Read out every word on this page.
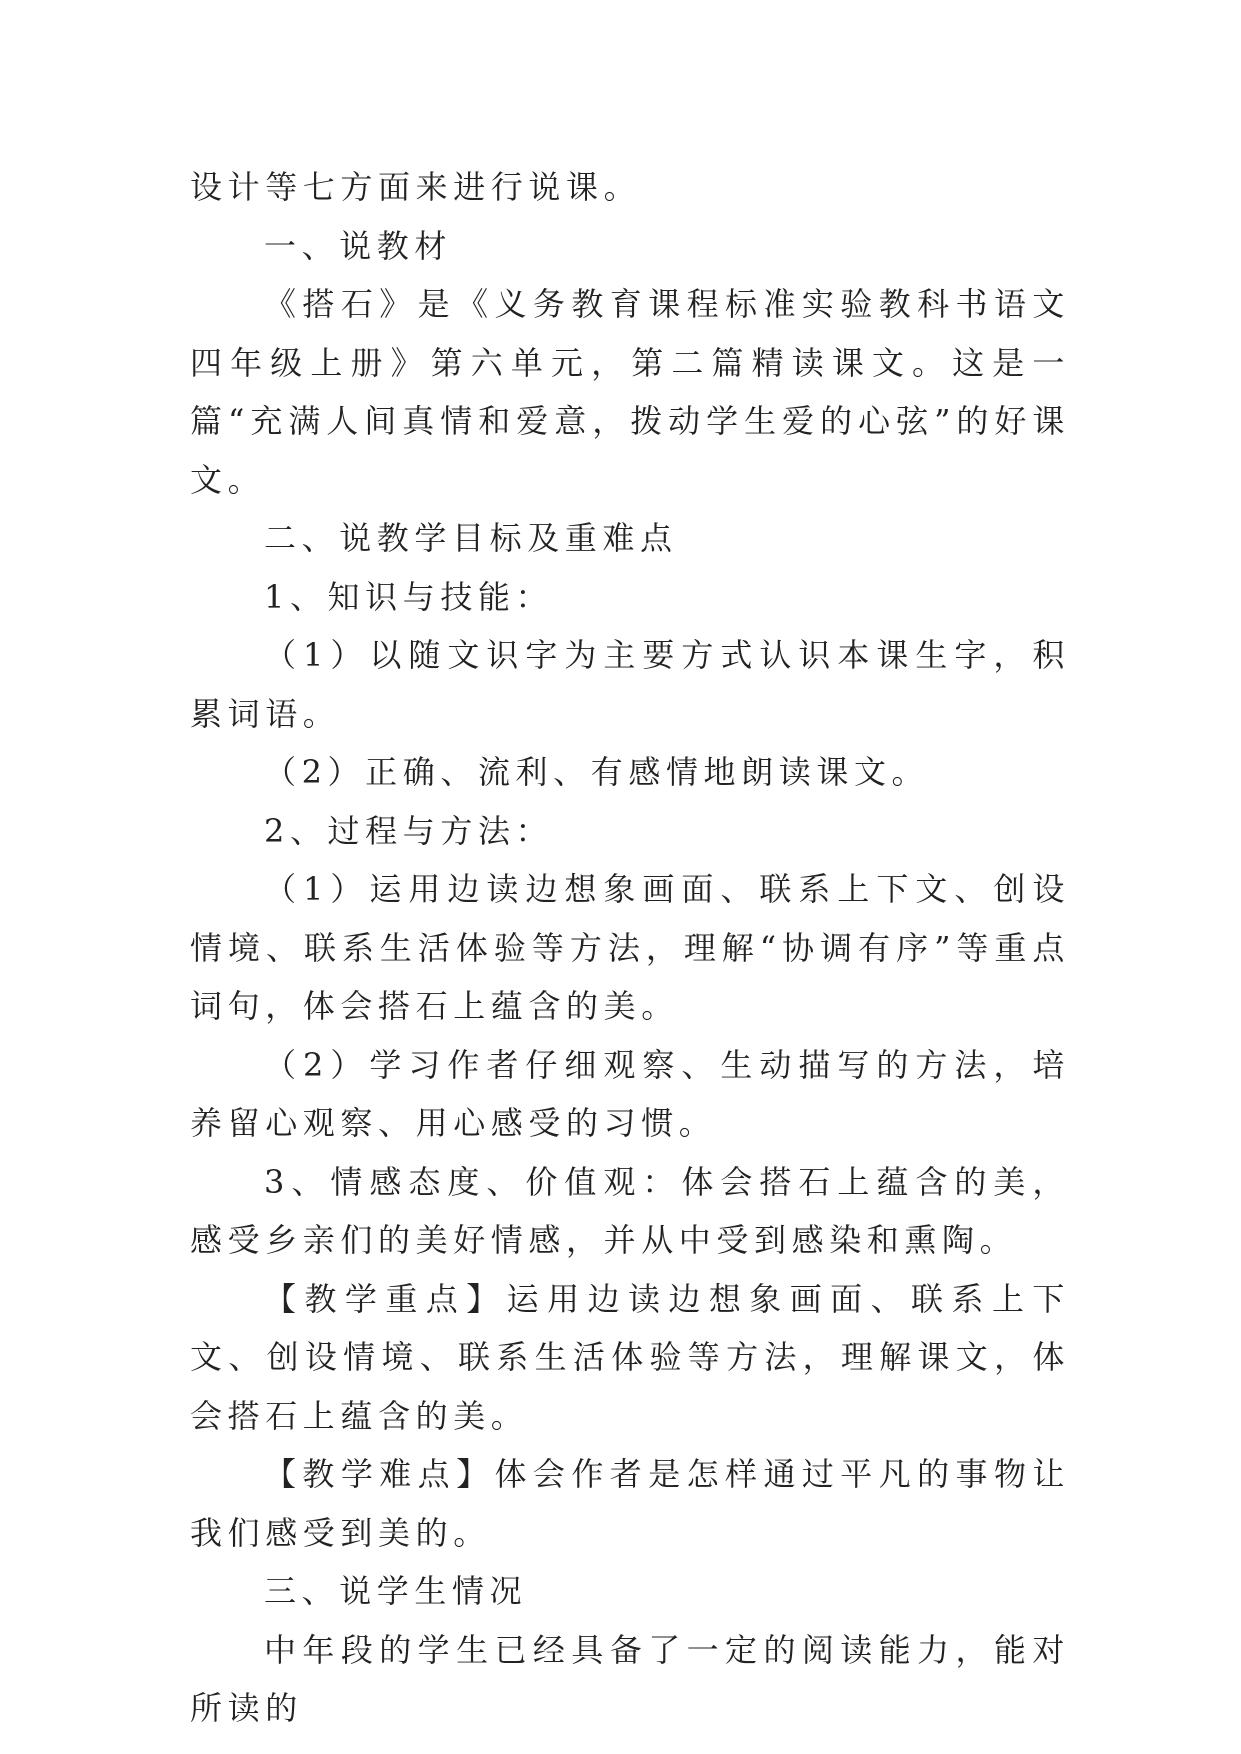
设计等七方面来进行说课。

一、说教材

《搭石》是《义务教育课程标准实验教科书语文四年级上册》第六单元，第二篇精读课文。这是一篇“充满人间真情和爱意，拨动学生爱的心弦”的好课文。

二、说教学目标及重难点

1、知识与技能：

（1）以随文识字为主要方式认识本课生字，积累词语。

（2）正确、流利、有感情地朗读课文。

2、过程与方法：

（1）运用边读边想象画面、联系上下文、创设情境、联系生活体验等方法，理解“协调有序”等重点词句，体会搭石上蕴含的美。

（2）学习作者仔细观察、生动描写的方法，培养留心观察、用心感受的习惯。

3、情感态度、价值观：体会搭石上蕴含的美，感受乡亲们的美好情感，并从中受到感染和熏陶。

【教学重点】运用边读边想象画面、联系上下文、创设情境、联系生活体验等方法，理解课文，体会搭石上蕴含的美。

【教学难点】体会作者是怎样通过平凡的事物让我们感受到美的。

三、说学生情况

中年段的学生已经具备了一定的阅读能力，能对所读的
